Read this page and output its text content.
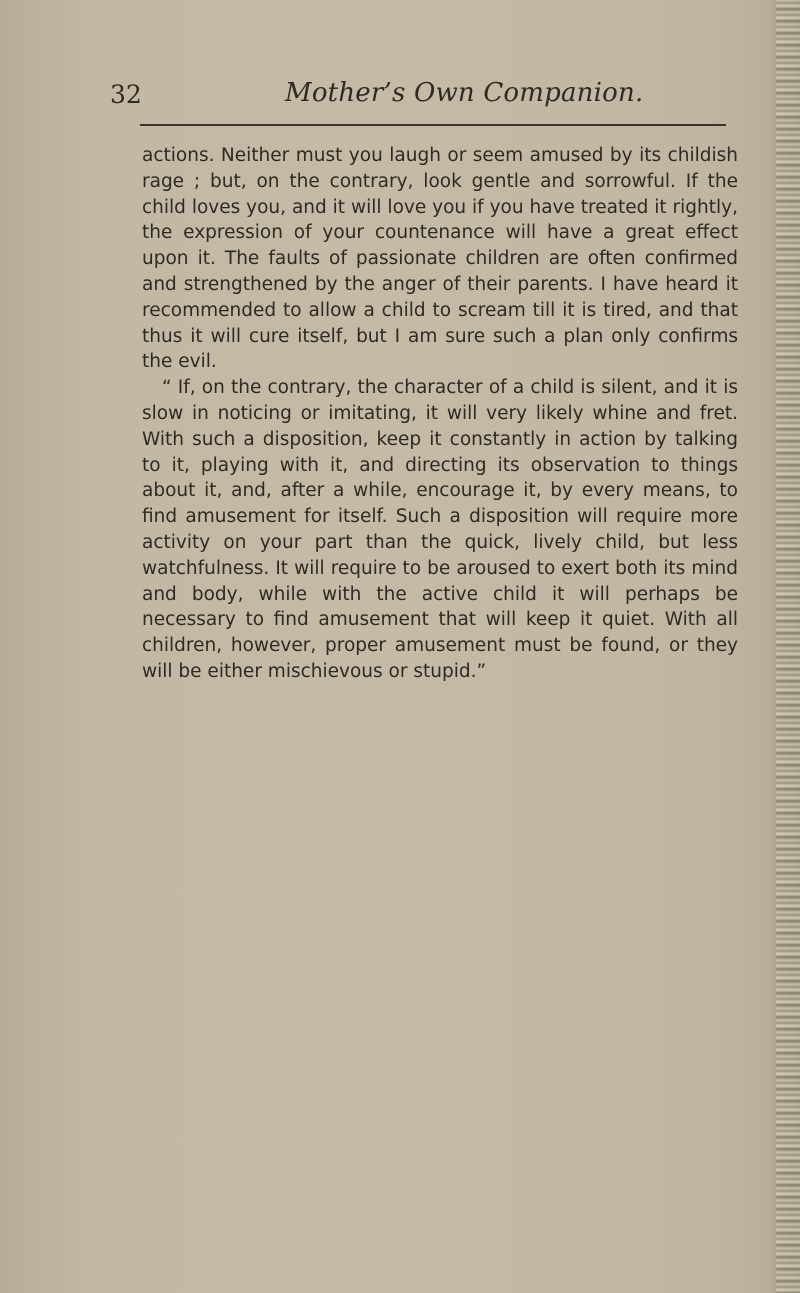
32	Mother’s Own Companion.

actions. Neither must you laugh or seem amused by its childish rage ; but, on the contrary, look gentle and sorrowful. If the child loves you, and it will love you if you have treated it rightly, the expression of your countenance will have a great effect upon it. The faults of passionate children are often confirmed and strengthened by the anger of their parents. I have heard it recommended to allow a child to scream till it is tired, and that thus it will cure itself, but I am sure such a plan only confirms the evil.

“ If, on the contrary, the character of a child is silent, and it is slow in noticing or imitating, it will very likely whine and fret. With such a disposition, keep it constantly in action by talking to it, playing with it, and directing its observation to things about it, and, after a while, encourage it, by every means, to find amusement for itself. Such a disposition will require more activity on your part than the quick, lively child, but less watchfulness. It will require to be aroused to exert both its mind and body, while with the active child it will perhaps be necessary to find amusement that will keep it quiet. With all children, however, proper amusement must be found, or they will be either mischievous or stupid.”
